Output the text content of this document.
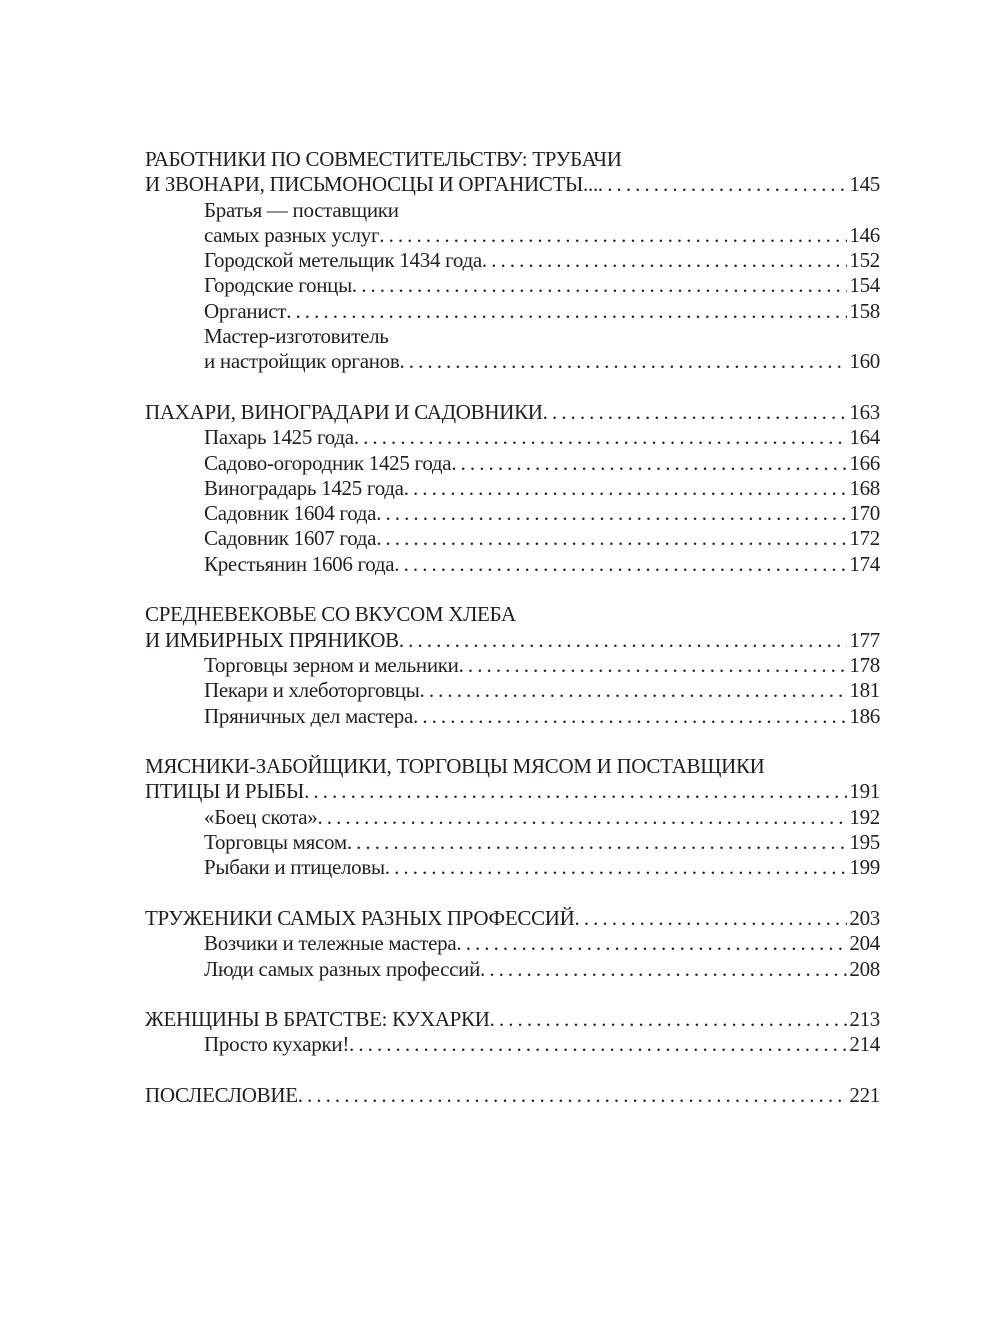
РАБОТНИКИ ПО СОВМЕСТИТЕЛЬСТВУ: ТРУБАЧИ
И ЗВОНАРИ, ПИСЬМОНОСЦЫ И ОРГАНИСТЫ... . . .	145
Братья — поставщики
самых разных услуг . . .	146
Городской метельщик 1434 года . . .	152
Городские гонцы . . .	154
Органист . . .	158
Мастер-изготовитель
и настройщик органов . . .	160
ПАХАРИ, ВИНОГРАДАРИ И САДОВНИКИ . . .	163
Пахарь 1425 года . . .	164
Садово-огородник 1425 года . . .	166
Виноградарь 1425 года . . .	168
Садовник 1604 года . . .	170
Садовник 1607 года . . .	172
Крестьянин 1606 года . . .	174
СРЕДНЕВЕКОВЬЕ СО ВКУСОМ ХЛЕБА
И ИМБИРНЫХ ПРЯНИКОВ . . .	177
Торговцы зерном и мельники . . .	178
Пекари и хлеботорговцы . . .	181
Пряничных дел мастера . . .	186
МЯСНИКИ-ЗАБОЙЩИКИ, ТОРГОВЦЫ МЯСОМ И ПОСТАВЩИКИ
ПТИЦЫ И РЫБЫ . . .	191
«Боец скота» . . .	192
Торговцы мясом . . .	195
Рыбаки и птицеловы . . .	199
ТРУЖЕНИКИ САМЫХ РАЗНЫХ ПРОФЕССИЙ . . .	203
Возчики и тележные мастера . . .	204
Люди самых разных профессий . . .	208
ЖЕНЩИНЫ В БРАТСТВЕ: КУХАРКИ . . .	213
Просто кухарки! . . .	214
ПОСЛЕСЛОВИЕ . . .	221
